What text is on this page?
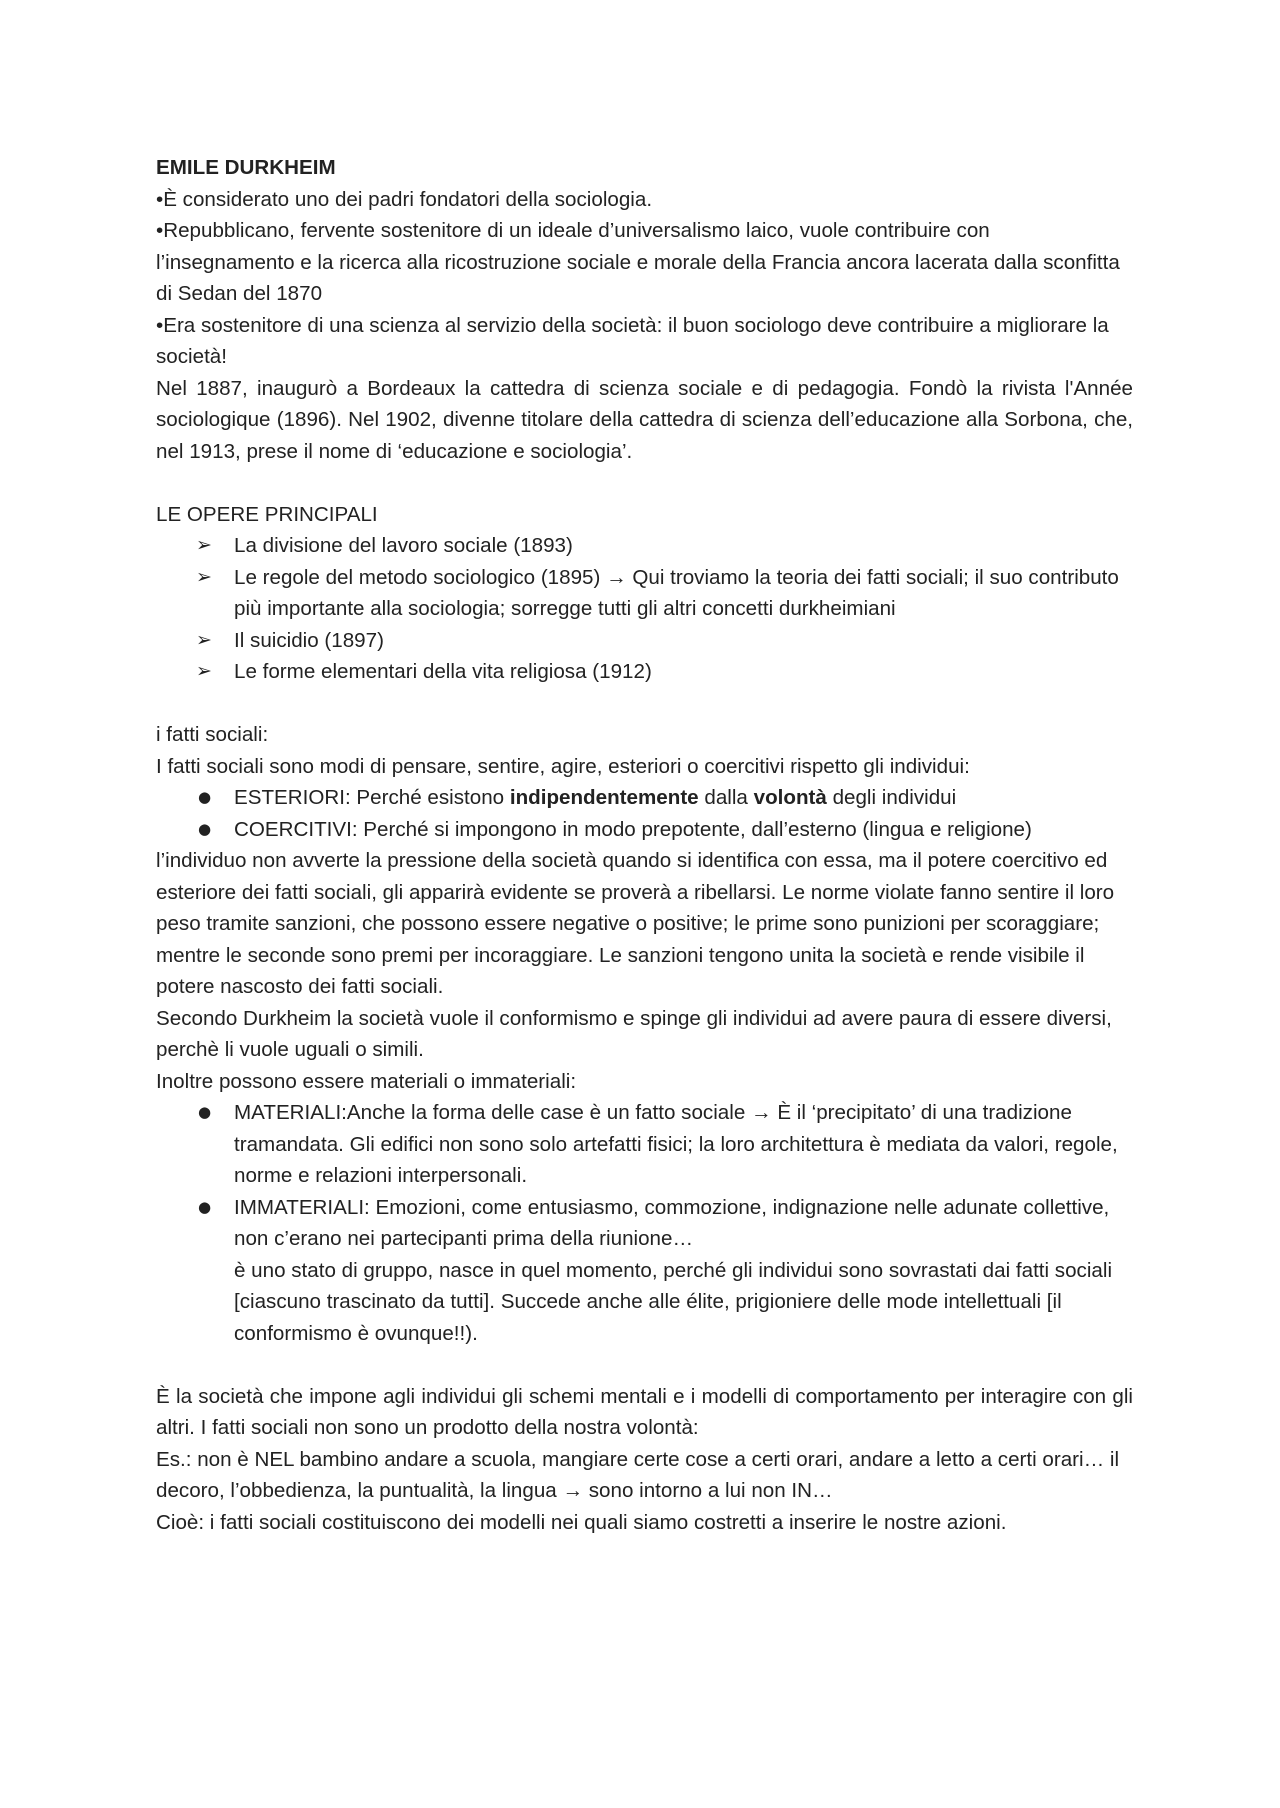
EMILE DURKHEIM

•È considerato uno dei padri fondatori della sociologia.

•Repubblicano, fervente sostenitore di un ideale d’universalismo laico, vuole contribuire con l’insegnamento e la ricerca alla ricostruzione sociale e morale della Francia ancora lacerata dalla sconfitta di Sedan del 1870

•Era sostenitore di una scienza al servizio della società: il buon sociologo deve contribuire a migliorare la società!

Nel 1887, inaugurò a Bordeaux la cattedra di scienza sociale e di pedagogia. Fondò la rivista l'Année sociologique (1896). Nel 1902, divenne titolare della cattedra di scienza dell’educazione alla Sorbona, che, nel 1913, prese il nome di ‘educazione e sociologia’.

LE OPERE PRINCIPALI

➢ La divisione del lavoro sociale (1893)
➢ Le regole del metodo sociologico (1895) → Qui troviamo la teoria dei fatti sociali; il suo contributo più importante alla sociologia; sorregge tutti gli altri concetti durkheimiani
➢ Il suicidio (1897)
➢ Le forme elementari della vita religiosa (1912)

i fatti sociali:

I fatti sociali sono modi di pensare, sentire, agire, esteriori o coercitivi rispetto gli individui:

● ESTERIORI: Perché esistono indipendentemente dalla volontà degli individui
● COERCITIVI: Perché si impongono in modo prepotente, dall’esterno (lingua e religione)

l’individuo non avverte la pressione della società quando si identifica con essa, ma il potere coercitivo ed esteriore dei fatti sociali, gli apparirà evidente se proverà a ribellarsi. Le norme violate fanno sentire il loro peso tramite sanzioni, che possono essere negative o positive; le prime sono punizioni per scoraggiare; mentre le seconde sono premi per incoraggiare. Le sanzioni tengono unita la società e rende visibile il potere nascosto dei fatti sociali.

Secondo Durkheim la società vuole il conformismo e spinge gli individui ad avere paura di essere diversi, perchè li vuole uguali o simili.

Inoltre possono essere materiali o immateriali:

● MATERIALI:Anche la forma delle case è un fatto sociale → È il ‘precipitato’ di una tradizione tramandata. Gli edifici non sono solo artefatti fisici; la loro architettura è mediata da valori, regole, norme e relazioni interpersonali.
● IMMATERIALI: Emozioni, come entusiasmo, commozione, indignazione nelle adunate collettive, non c’erano nei partecipanti prima della riunione…
è uno stato di gruppo, nasce in quel momento, perché gli individui sono sovrastati dai fatti sociali [ciascuno trascinato da tutti]. Succede anche alle élite, prigioniere delle mode intellettuali [il conformismo è ovunque!!).

È la società che impone agli individui gli schemi mentali e i modelli di comportamento per interagire con gli altri. I fatti sociali non sono un prodotto della nostra volontà:

Es.: non è NEL bambino andare a scuola, mangiare certe cose a certi orari, andare a letto a certi orari… il decoro, l’obbedienza, la puntualità, la lingua → sono intorno a lui non IN…

Cioè: i fatti sociali costituiscono dei modelli nei quali siamo costretti a inserire le nostre azioni.
